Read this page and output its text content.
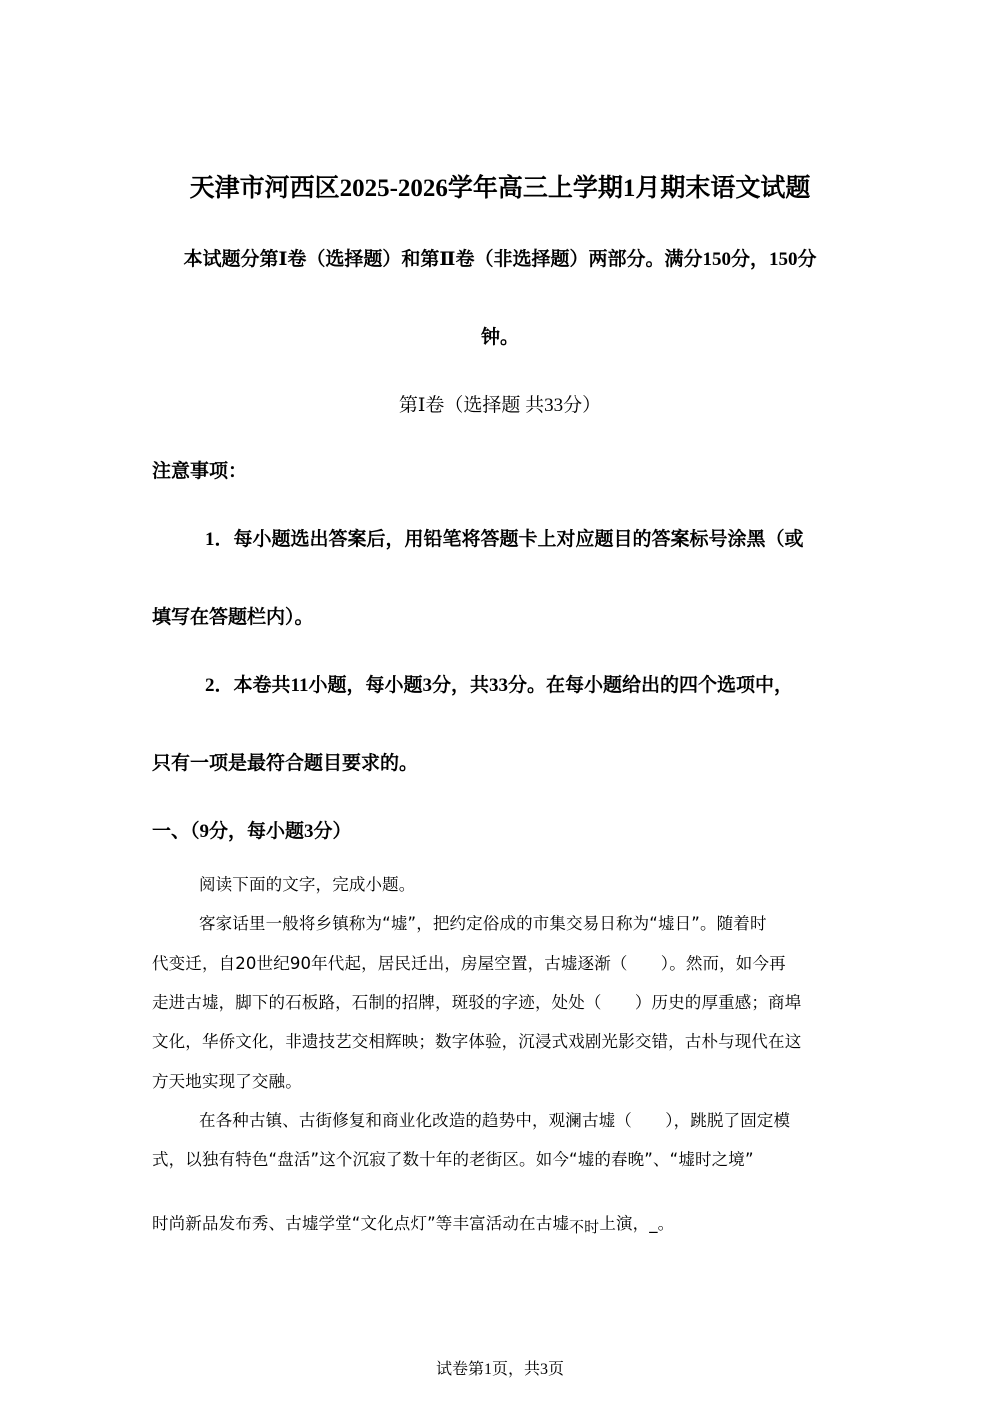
天津市河西区2025-2026学年高三上学期1月期末语文试题
本试题分第Ⅰ卷（选择题）和第Ⅱ卷（非选择题）两部分。满分150分，150分
钟。
第Ⅰ卷（选择题 共33分）
注意事项：
1．每小题选出答案后，用铅笔将答题卡上对应题目的答案标号涂黑（或
填写在答题栏内）。
2．本卷共11小题，每小题3分，共33分。在每小题给出的四个选项中，
只有一项是最符合题目要求的。
一、（9分，每小题3分）
阅读下面的文字，完成小题。
客家话里一般将乡镇称为“墟”，把约定俗成的市集交易日称为“墟日”。随着时
代变迁，自20世纪90年代起，居民迁出，房屋空置，古墟逐渐（　　）。然而，如今再
走进古墟，脚下的石板路，石制的招牌，斑驳的字迹，处处（　　）历史的厚重感；商埠
文化，华侨文化，非遗技艺交相辉映；数字体验，沉浸式戏剧光影交错，古朴与现代在这
方天地实现了交融。
在各种古镇、古街修复和商业化改造的趋势中，观澜古墟（　　），跳脱了固定模
式，以独有特色“盘活”这个沉寂了数十年的老街区。如今“墟的春晚”、“墟时之境”
时尚新品发布秀、古墟学堂“文化点灯”等丰富活动在古墟不时上演，_。
试卷第1页，共3页
